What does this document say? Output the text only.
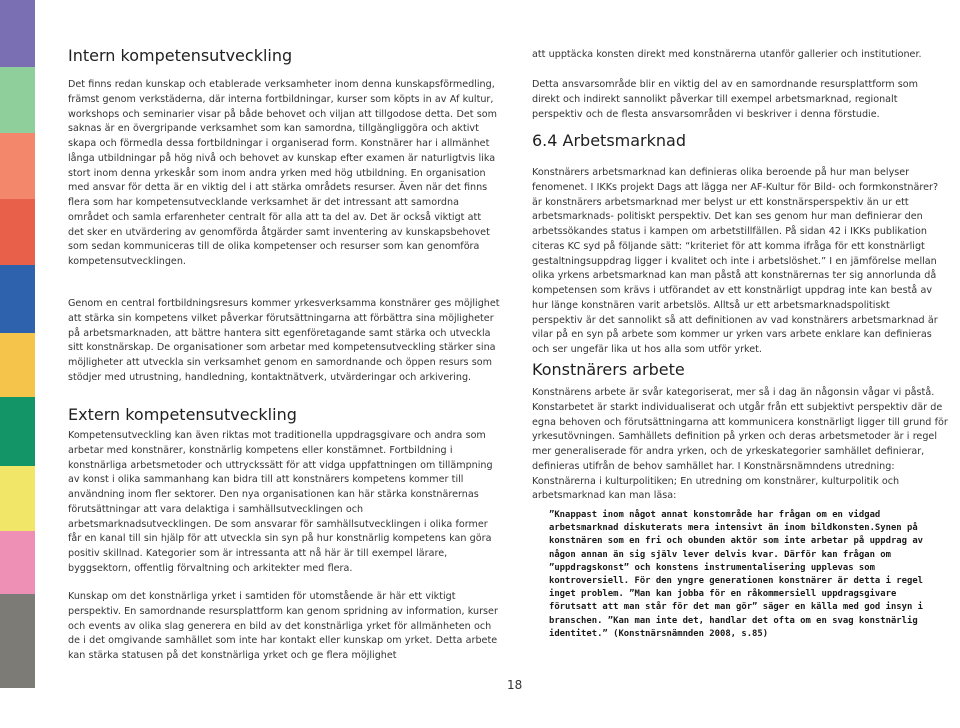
Intern kompetensutveckling

Det finns redan kunskap och etablerade verksamheter inom denna kunskapsförmedling, främst genom verkstäderna, där interna fortbildningar, kurser som köpts in av Af kultur, workshops och seminarier visar på både behovet och viljan att tillgodose detta. Det som saknas är en övergripande verksamhet som kan samordna, tillgängliggöra och aktivt skapa och förmedla dessa fortbildningar i organiserad form. Konstnärer har i allmänhet långa utbildningar på hög nivå och behovet av kunskap efter examen är naturligtvis lika stort inom denna yrkeskår som inom andra yrken med hög utbildning. En organisation med ansvar för detta är en viktig del i att stärka områdets resurser. Även när det finns flera som har kompetensutvecklande verksamhet är det intressant att samordna området och samla erfarenheter centralt för alla att ta del av. Det är också viktigt att det sker en utvärdering av genomförda åtgärder samt inventering av kunskapsbehovet som sedan kommuniceras till de olika kompetenser och resurser som kan genomföra kompetensutvecklingen.

Genom en central fortbildningsresurs kommer yrkesverksamma konstnärer ges möjlighet att stärka sin kompetens vilket påverkar förutsättningarna att förbättra sina möjligheter på arbetsmarknaden, att bättre hantera sitt egenföretagande samt stärka och utveckla sitt konstnärskap. De organisationer som arbetar med kompetensutveckling stärker sina möjligheter att utveckla sin verksamhet genom en samordnande och öppen resurs som stödjer med utrustning, handledning, kontaktnätverk, utvärderingar och arkivering.

Extern kompetensutveckling

Kompetensutveckling kan även riktas mot traditionella uppdragsgivare och andra som arbetar med konstnärer, konstnärlig kompetens eller konstämnet. Fortbildning i konstnärliga arbetsmetoder och uttryckssätt för att vidga uppfattningen om tillämpning av konst i olika sammanhang kan bidra till att konstnärers kompetens kommer till användning inom fler sektorer. Den nya organisationen kan här stärka konstnärernas förutsättningar att vara delaktiga i samhällsutvecklingen och arbetsmarknadsutvecklingen. De som ansvarar för samhällsutvecklingen i olika former får en kanal till sin hjälp för att utveckla sin syn på hur konstnärlig kompetens kan göra positiv skillnad. Kategorier som är intressanta att nå här är till exempel lärare, byggsektorn, offentlig förvaltning och arkitekter med flera.

Kunskap om det konstnärliga yrket i samtiden för utomstående är här ett viktigt perspektiv. En samordnande resursplattform kan genom spridning av information, kurser och events av olika slag generera en bild av det konstnärliga yrket för allmänheten och de i det omgivande samhället som inte har kontakt eller kunskap om yrket. Detta arbete kan stärka statusen på det konstnärliga yrket och ge flera möjlighet

att upptäcka konsten direkt med konstnärerna utanför gallerier och institutioner.

Detta ansvarsområde blir en viktig del av en samordnande resursplattform som direkt och indirekt sannolikt påverkar till exempel arbetsmarknad, regionalt perspektiv och de flesta ansvarsområden vi beskriver i denna förstudie.

6.4 Arbetsmarknad

Konstnärers arbetsmarknad kan definieras olika beroende på hur man belyser fenomenet. I IKKs projekt Dags att lägga ner AF-Kultur för Bild- och formkonstnärer? är konstnärers arbetsmarknad mer belyst ur ett konstnärsperspektiv än ur ett arbetsmarknads- politiskt perspektiv. Det kan ses genom hur man definierar den arbetssökandes status i kampen om arbetstillfällen. På sidan 42 i IKKs publikation citeras KC syd på följande sätt: “kriteriet för att komma ifråga för ett konstnärligt gestaltningsuppdrag ligger i kvalitet och inte i arbetslöshet.” I en jämförelse mellan olika yrkens arbetsmarknad kan man påstå att konstnärernas ter sig annorlunda då kompetensen som krävs i utförandet av ett konstnärligt uppdrag inte kan bestå av hur länge konstnären varit arbetslös. Alltså ur ett arbetsmarknadspolitiskt perspektiv är det sannolikt så att definitionen av vad konstnärers arbetsmarknad är vilar på en syn på arbete som kommer ur yrken vars arbete enklare kan definieras och ser ungefär lika ut hos alla som utför yrket.

Konstnärers arbete

Konstnärens arbete är svår kategoriserat, mer så i dag än någonsin vågar vi påstå. Konstarbetet är starkt individualiserat och utgår från ett subjektivt perspektiv där de egna behoven och förutsättningarna att kommunicera konstnärligt ligger till grund för yrkesutövningen. Samhällets definition på yrken och deras arbetsmetoder är i regel mer generaliserade för andra yrken, och de yrkeskategorier samhället definierar, definieras utifrån de behov samhället har. I Konstnärsnämndens utredning: Konstnärerna i kulturpolitiken; En utredning om konstnärer, kulturpolitik och arbetsmarknad kan man läsa:

”Knappast inom något annat konstområde har frågan om en vidgad arbetsmarknad diskuterats mera intensivt än inom bildkonsten.Synen på konstnären som en fri och obunden aktör som inte arbetar på uppdrag av någon annan än sig själv lever delvis kvar. Därför kan frågan om ”uppdragskonst” och konstens instrumentalisering upplevas som kontroversiell. För den yngre generationen konstnärer är detta i regel inget problem. ”Man kan jobba för en råkommersiell uppdragsgivare förutsatt att man står för det man gör” säger en källa med god insyn i branschen. ”Kan man inte det, handlar det ofta om en svag konstnärlig identitet.” (Konstnärsnämnden 2008, s.85)

18
